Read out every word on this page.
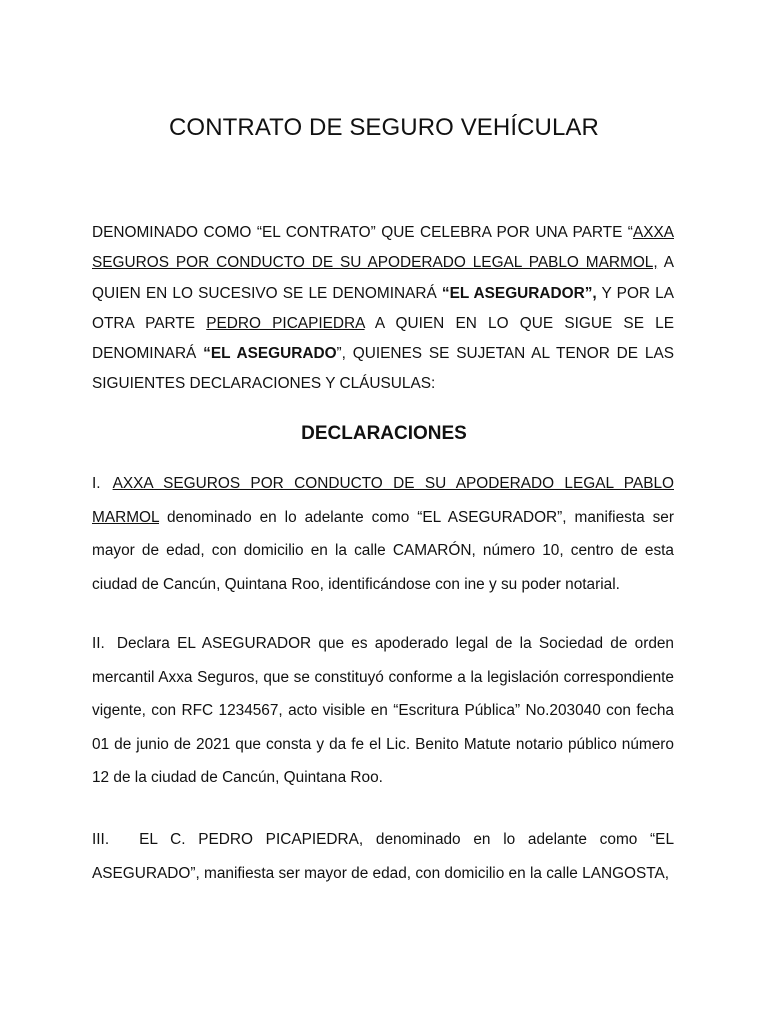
CONTRATO DE SEGURO VEHÍCULAR

DENOMINADO COMO “EL CONTRATO” QUE CELEBRA POR UNA PARTE “AXXA SEGUROS POR CONDUCTO DE SU APODERADO LEGAL PABLO MARMOL, A QUIEN EN LO SUCESIVO SE LE DENOMINARÁ “EL ASEGURADOR”, Y POR LA OTRA PARTE PEDRO PICAPIEDRA A QUIEN EN LO QUE SIGUE SE LE DENOMINARÁ “EL ASEGURADO”, QUIENES SE SUJETAN AL TENOR DE LAS SIGUIENTES DECLARACIONES Y CLÁUSULAS:

DECLARACIONES

I. AXXA SEGUROS POR CONDUCTO DE SU APODERADO LEGAL PABLO MARMOL denominado en lo adelante como “EL ASEGURADOR”, manifiesta ser mayor de edad, con domicilio en la calle CAMARÓN, número 10, centro de esta ciudad de Cancún, Quintana Roo, identificándose con ine y su poder notarial.

II. Declara EL ASEGURADOR que es apoderado legal de la Sociedad de orden mercantil Axxa Seguros, que se constituyó conforme a la legislación correspondiente vigente, con RFC 1234567, acto visible en “Escritura Pública” No.203040 con fecha 01 de junio de 2021 que consta y da fe el Lic. Benito Matute notario público número 12 de la ciudad de Cancún, Quintana Roo.

III. EL C. PEDRO PICAPIEDRA, denominado en lo adelante como “EL ASEGURADO”, manifiesta ser mayor de edad, con domicilio en la calle LANGOSTA,
